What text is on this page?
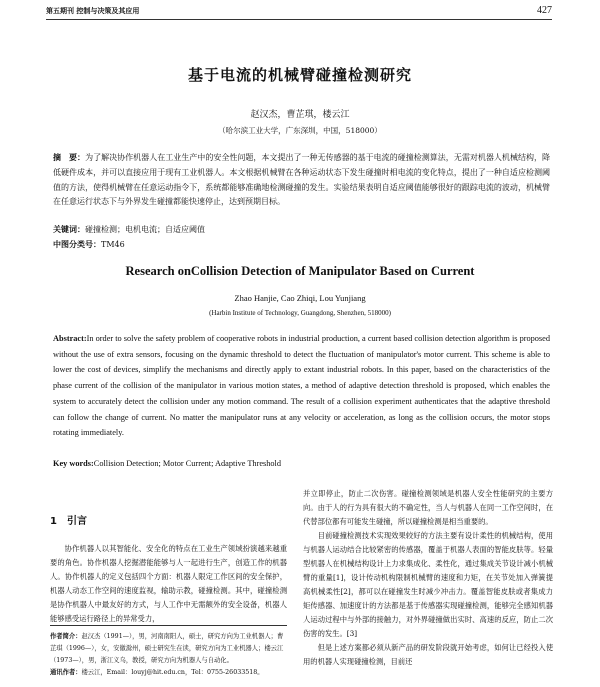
第五期刊 控制与决策及其应用	427
基于电流的机械臂碰撞检测研究
赵汉杰，曹芷琪，楼云江
（哈尔滨工业大学，广东深圳，中国，518000）
摘　要：为了解决协作机器人在工业生产中的安全性问题，本文提出了一种无传感器的基于电流的碰撞检测算法，无需对机器人机械结构，降低硬件成本，并可以直接应用于现有工业机器人。本文根据机械臂在各种运动状态下发生碰撞时相电流的变化特点，提出了一种自适应检测阈值的方法，使得机械臂在任意运动指令下，系统都能够准确地检测碰撞的发生。实验结果表明自适应阈值能够很好的跟踪电流的波动，机械臂在任意运行状态下与外界发生碰撞都能快速停止，达到预期目标。
关键词：碰撞检测；电机电流；自适应阈值
中图分类号：TM46
Research onCollision Detection of Manipulator Based on Current
Zhao Hanjie, Cao Zhiqi, Lou Yunjiang
(Harbin Institute of Technology, Guangdong, Shenzhen, 518000)
Abstract:In order to solve the safety problem of cooperative robots in industrial production, a current based collision detection algorithm is proposed without the use of extra sensors, focusing on the dynamic threshold to detect the fluctuation of manipulator's motor current. This scheme is able to lower the cost of devices, simplify the mechanisms and directly apply to extant industrial robots. In this paper, based on the characteristics of the phase current of the collision of the manipulator in various motion states, a method of adaptive detection threshold is proposed, which enables the system to accurately detect the collision under any motion command. The result of a collision experiment authenticates that the adaptive threshold can follow the change of current. No matter the manipulator runs at any velocity or acceleration, as long as the collision occurs, the motor stops rotating immediately.
Key words:Collision Detection; Motor Current; Adaptive Threshold
1　引言

协作机器人以其智能化、安全化的特点在工业生产领域扮演越来越重要的角色。协作机器人挖掘潜能能够与人一起进行生产，创造工作的机器人。协作机器人的定义包括四个方面：机器人限定工作区间的安全保护，机器人动态工作空间的速度监视，输助示教，碰撞检测。其中，碰撞检测是协作机器人中最友好的方式，与人工作中无需额外的安全设备，机器人能够感受运行路径上的异常受力，

作者简介：赵汉杰（1991—），男，河南南阳人，硕士，研究方向为工业机器人；曹芷琪（1996—），女，安徽滁州，硕士研究生在读，研究方向为工业机器人；楼云江（1973—），男，浙江义乌，教授，研究方向为机器人与自动化。

通讯作者：楼云江，Email：louyj@hit.edu.cn，Tel：0755-26033518。

并立即停止，防止二次伤害。碰撞检测领域是机器人安全性能研究的主要方向。由于人的行为具有很大的不确定性，当人与机器人在同一工作空间时，在代替部位都有可能发生碰撞，所以碰撞检测是相当重要的。

目前碰撞检测技术实现效果较好的方法主要有设计柔性的机械结构，使用与机器人运动结合比较紧密的传感器，覆盖于机器人表面的智能皮肤等。轻量型机器人在机械结构设计上力求集成化、柔性化，通过集成关节设计减小机械臂的重量[1]，设计传动机构限制机械臂的速度和力矩，在关节处加入弹簧提高机械柔性[2]，都可以在碰撞发生时减少冲击力。覆盖智能皮肤或者集成力矩传感器、加速度计的方法都是基于传感器实现碰撞检测，能够完全感知机器人运动过程中与外部的接触力，对外界碰撞做出实时、高速的反应，防止二次伤害的发生。[3]

但是上述方案都必须从新产品的研发阶段就开始考虑，如何让已经投入使用的机器人实现碰撞检测，目前还
